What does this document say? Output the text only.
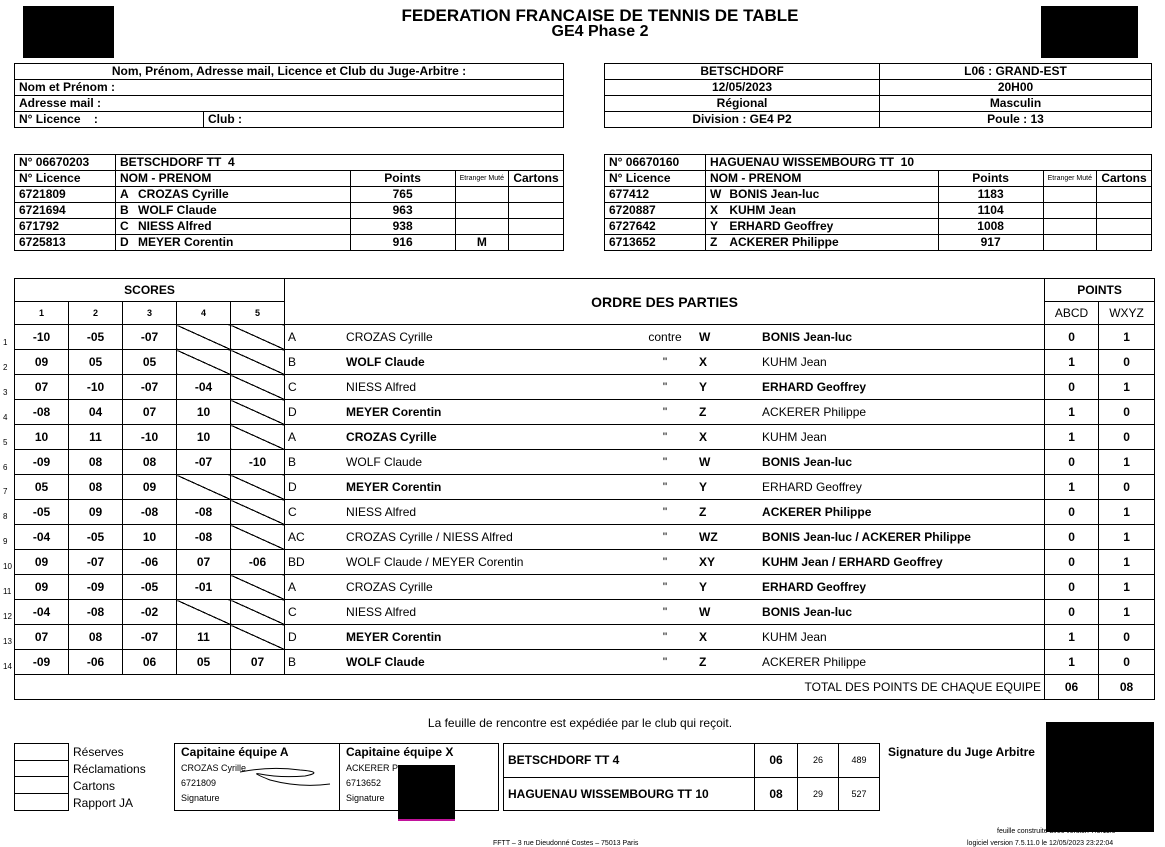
FEDERATION FRANCAISE DE TENNIS DE TABLE
GE4 Phase 2
Nom, Prénom, Adresse mail, Licence et Club du Juge-Arbitre :
Nom et Prénom :
Adresse mail :
N° Licence    :	Club :
BETSCHDORF	L06 : GRAND-EST
12/05/2023	20H00
Régional	Masculin
Division : GE4 P2	Poule : 13
N° 06670203	BETSCHDORF TT  4				
N° Licence	NOM - PRENOM		Points	Etranger Muté	Cartons
6721809	A	CROZAS Cyrille	765		
6721694	B	WOLF Claude	963		
671792	C	NIESS Alfred	938		
6725813	D	MEYER Corentin	916	M	
N° 06670160	HAGUENAU WISSEMBOURG TT  10				
N° Licence	NOM - PRENOM		Points	Etranger Muté	Cartons
677412	W	BONIS Jean-luc	1183		
6720887	X	KUHM Jean	1104		
6727642	Y	ERHARD Geoffrey	1008		
6713652	Z	ACKERER Philippe	917		
SCORES					ORDRE DES PARTIES	POINTS	
1	2	3	4	5		ABCD	WXYZ
-10	-05	-07			A CROZAS Cyrille contre W BONIS Jean-luc	0	1
09	05	05			B WOLF Claude " X KUHM Jean	1	0
07	-10	-07	-04		C NIESS Alfred " Y ERHARD Geoffrey	0	1
-08	04	07	10		D MEYER Corentin " Z ACKERER Philippe	1	0
10	11	-10	10		A CROZAS Cyrille " X KUHM Jean	1	0
-09	08	08	-07	-10	B WOLF Claude " W BONIS Jean-luc	0	1
05	08	09			D MEYER Corentin " Y ERHARD Geoffrey	1	0
-05	09	-08	-08		C NIESS Alfred " Z ACKERER Philippe	0	1
-04	-05	10	-08		AC CROZAS Cyrille / NIESS Alfred " WZ BONIS Jean-luc / ACKERER Philippe	0	1
09	-07	-06	07	-06	BD WOLF Claude / MEYER Corentin " XY KUHM Jean / ERHARD Geoffrey	0	1
09	-09	-05	-01		A CROZAS Cyrille " Y ERHARD Geoffrey	0	1
-04	-08	-02			C NIESS Alfred " W BONIS Jean-luc	0	1
07	08	-07	11		D MEYER Corentin " X KUHM Jean	1	0
-09	-06	06	05	07	B WOLF Claude " Z ACKERER Philippe	1	0
TOTAL DES POINTS DE CHAQUE EQUIPE						06	08
1
2
3
4
5
6
7
8
9
10
11
12
13
14
La feuille de rencontre est expédiée par le club qui reçoit.
Réserves
Réclamations
Cartons
Rapport JA
Capitaine équipe A
CROZAS Cyrille
6721809
Signature
Capitaine équipe X
ACKERER P
6713652
Signature
BETSCHDORF TT 4	06	26	489
HAGUENAU WISSEMBOURG TT 10	08	29	527
Signature du Juge Arbitre
FFTT – 3 rue Dieudonné Costes – 75013 Paris
feuille construite avec version 7.5.11.0
logiciel version 7.5.11.0 le 12/05/2023 23:22:04
